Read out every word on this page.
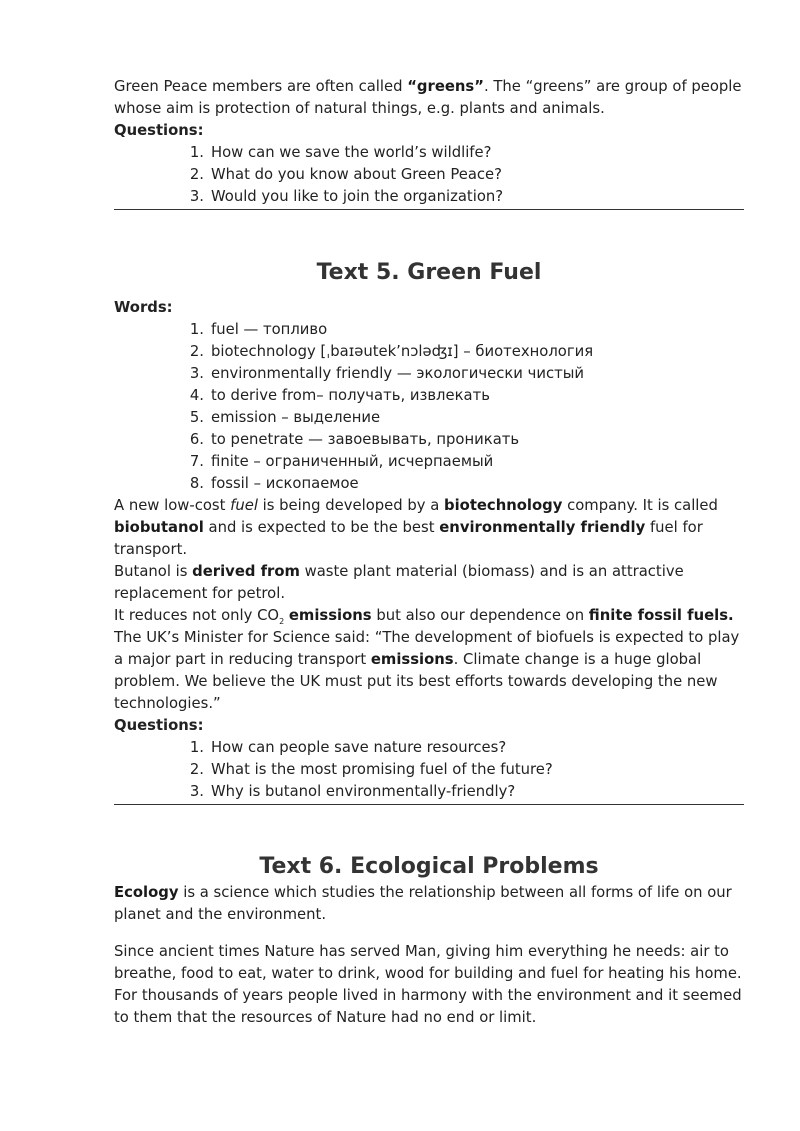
Green Peace members are often called “greens”. The “greens” are group of people whose aim is protection of natural things, e.g. plants and animals.

Questions:

1. How can we save the world’s wildlife?
2. What do you know about Green Peace?
3. Would you like to join the organization?
Text 5. Green Fuel

Words:

1. fuel — топливо
2. biotechnology [ˌbaɪəutek’nɔləʤɪ] – биотехнология
3. environmentally friendly — экологически чистый
4. to derive from– получать, извлекать
5. emission – выделение
6. to penetrate — завоевывать, проникать
7. finite – ограниченный, исчерпаемый
8. fossil – ископаемое
A new low-cost fuel is being developed by a biotechnology company. It is called biobutanol and is expected to be the best environmentally friendly fuel for transport.
Butanol is derived from waste plant material (biomass) and is an attractive replacement for petrol.
It reduces not only $CO_2$ emissions but also our dependence on finite fossil fuels. The UK’s Minister for Science said: “The development of biofuels is expected to play a major part in reducing transport emissions. Climate change is a huge global problem. We believe the UK must put its best efforts towards developing the new technologies.”

Questions:

1. How can people save nature resources?
2. What is the most promising fuel of the future?
3. Why is butanol environmentally-friendly?
Text 6. Ecological Problems
Ecology is a science which studies the relationship between all forms of life on our planet and the environment.
Since ancient times Nature has served Man, giving him everything he needs: air to breathe, food to eat, water to drink, wood for building and fuel for heating his home. For thousands of years people lived in harmony with the environment and it seemed to them that the resources of Nature had no end or limit.
